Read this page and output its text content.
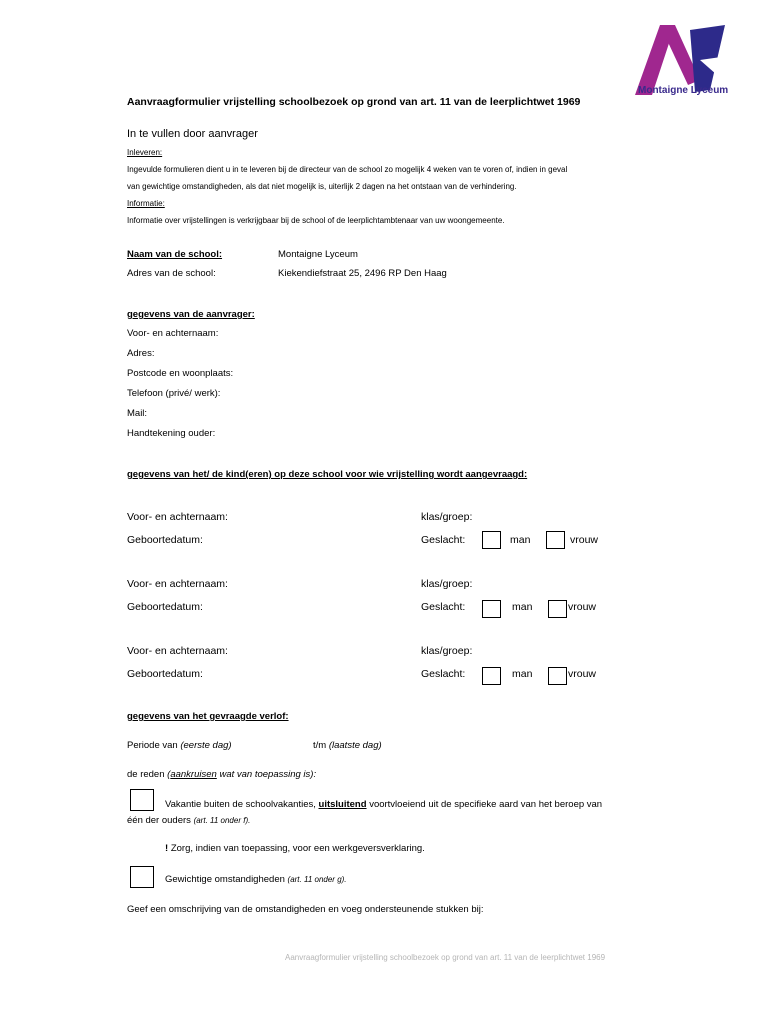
Montaigne Lyceum
Aanvraagformulier vrijstelling schoolbezoek op grond van art. 11 van de leerplichtwet 1969
In te vullen door aanvrager
Inleveren:
Ingevulde formulieren dient u in te leveren bij de directeur van de school zo mogelijk 4 weken van te voren of, indien in geval
van gewichtige omstandigheden, als dat niet mogelijk is, uiterlijk 2 dagen na het ontstaan van de verhindering.
Informatie:
Informatie over vrijstellingen is verkrijgbaar bij de school of de leerplichtambtenaar van uw woongemeente.
Naam van de school:	Montaigne Lyceum
Adres van de school:	Kiekendiefstraat 25, 2496 RP Den Haag
gegevens van de aanvrager:
Voor- en achternaam:
Adres:
Postcode en woonplaats:
Telefoon (privé/ werk):
Mail:
Handtekening ouder:
gegevens van het/ de kind(eren) op deze school voor wie vrijstelling wordt aangevraagd:
Voor- en achternaam:	klas/groep:
Geboortedatum:	Geslacht:	man	vrouw
Voor- en achternaam:	klas/groep:
Geboortedatum:	Geslacht:	man	vrouw
Voor- en achternaam:	klas/groep:
Geboortedatum:	Geslacht:	man	vrouw
gegevens van het gevraagde verlof:
Periode van (eerste dag)	t/m (laatste dag)
de reden (aankruisen wat van toepassing is):
Vakantie buiten de schoolvakanties, uitsluitend voortvloeiend uit de specifieke aard van het beroep van
één der ouders (art. 11 onder f).
! Zorg, indien van toepassing, voor een werkgeversverklaring.
Gewichtige omstandigheden (art. 11 onder g).
Geef een omschrijving van de omstandigheden en voeg ondersteunende stukken bij:
Aanvraagformulier vrijstelling schoolbezoek op grond van art. 11 van de leerplichtwet 1969
